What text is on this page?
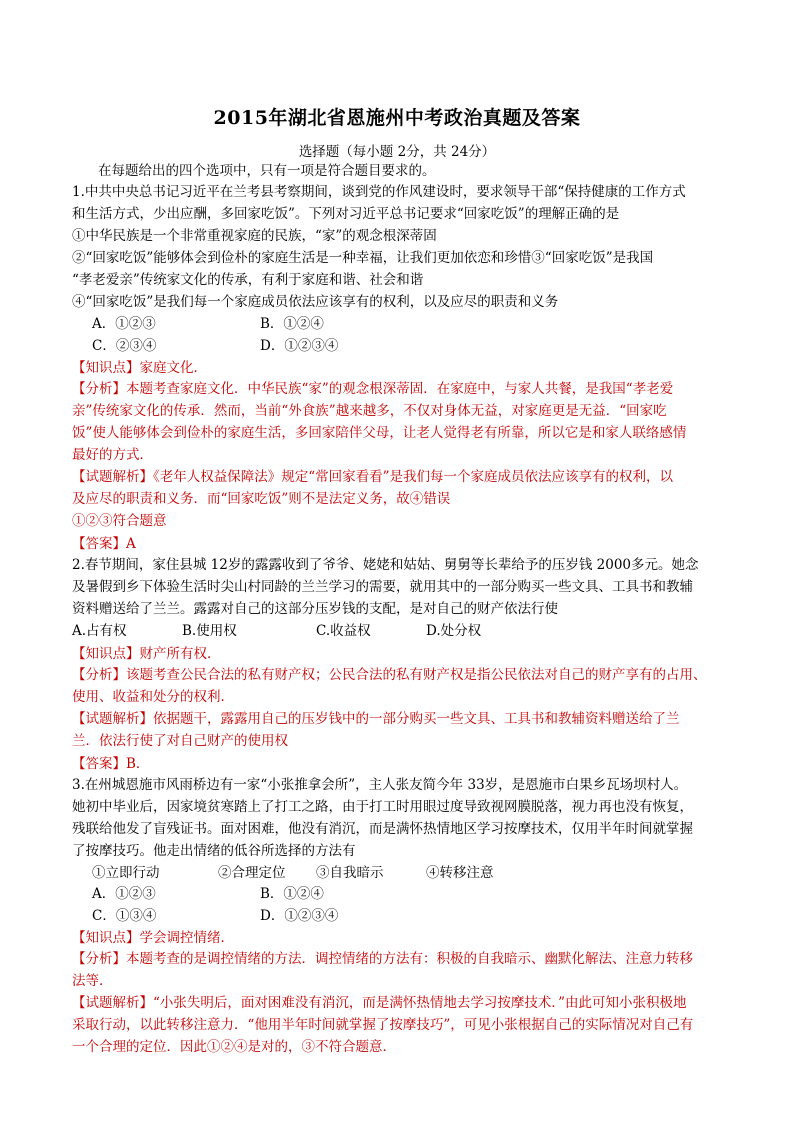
2015年湖北省恩施州中考政治真题及答案
选择题（每小题 2分，共 24分）
在每题给出的四个选项中，只有一项是符合题目要求的。
1.中共中央总书记习近平在兰考县考察期间，谈到党的作风建设时，要求领导干部“保持健康的工作方式
和生活方式，少出应酬，多回家吃饭”。下列对习近平总书记要求“回家吃饭”的理解正确的是
①中华民族是一个非常重视家庭的民族，“家”的观念根深蒂固
②“回家吃饭”能够体会到俭朴的家庭生活是一种幸福，让我们更加依恋和珍惜③“回家吃饭”是我国
“孝老爱亲”传统家文化的传承，有利于家庭和谐、社会和谐
④“回家吃饭”是我们每一个家庭成员依法应该享有的权利，以及应尽的职责和义务
A．①②③	B．①②④
C．②③④	D．①②③④
【知识点】家庭文化．
【分析】本题考查家庭文化．中华民族“家”的观念根深蒂固．在家庭中，与家人共餐，是我国“孝老爱
亲”传统家文化的传承．然而，当前“外食族”越来越多，不仅对身体无益，对家庭更是无益．“回家吃
饭”使人能够体会到俭朴的家庭生活，多回家陪伴父母，让老人觉得老有所靠，所以它是和家人联络感情
最好的方式．
【试题解析】《老年人权益保障法》规定“常回家看看”是我们每一个家庭成员依法应该享有的权利，以
及应尽的职责和义务．而“回家吃饭”则不是法定义务，故④错误
①②③符合题意
【答案】A
2.春节期间，家住县城 12岁的露露收到了爷爷、姥姥和姑姑、舅舅等长辈给予的压岁钱 2000多元。她念
及暑假到乡下体验生活时尖山村同龄的兰兰学习的需要，就用其中的一部分购买一些文具、工具书和教辅
资料赠送给了兰兰。露露对自己的这部分压岁钱的支配，是对自己的财产依法行使
A.占有权	B.使用权	C.收益权	D.处分权
【知识点】财产所有权．
【分析】该题考查公民合法的私有财产权；公民合法的私有财产权是指公民依法对自己的财产享有的占用、
使用、收益和处分的权利．
【试题解析】依据题干，露露用自己的压岁钱中的一部分购买一些文具、工具书和教辅资料赠送给了兰
兰．依法行使了对自己财产的使用权
【答案】B．
3.在州城恩施市风雨桥边有一家“小张推拿会所”，主人张友简今年 33岁，是恩施市白果乡瓦场坝村人。
她初中毕业后，因家境贫寒踏上了打工之路，由于打工时用眼过度导致视网膜脱落，视力再也没有恢复，
残联给他发了盲残证书。面对困难，他没有消沉，而是满怀热情地区学习按摩技术，仅用半年时间就掌握
了按摩技巧。他走出情绪的低谷所选择的方法有
①立即行动	②合理定位 ③自我暗示	④转移注意
A．①②③	B．①②④
C．①③④	D．①②③④
【知识点】学会调控情绪．
【分析】本题考查的是调控情绪的方法．调控情绪的方法有：积极的自我暗示、幽默化解法、注意力转移
法等．
【试题解析】“小张失明后，面对困难没有消沉，而是满怀热情地去学习按摩技术．”由此可知小张积极地
采取行动，以此转移注意力．“他用半年时间就掌握了按摩技巧”，可见小张根据自己的实际情况对自己有
一个合理的定位．因此①②④是对的，③不符合题意．
